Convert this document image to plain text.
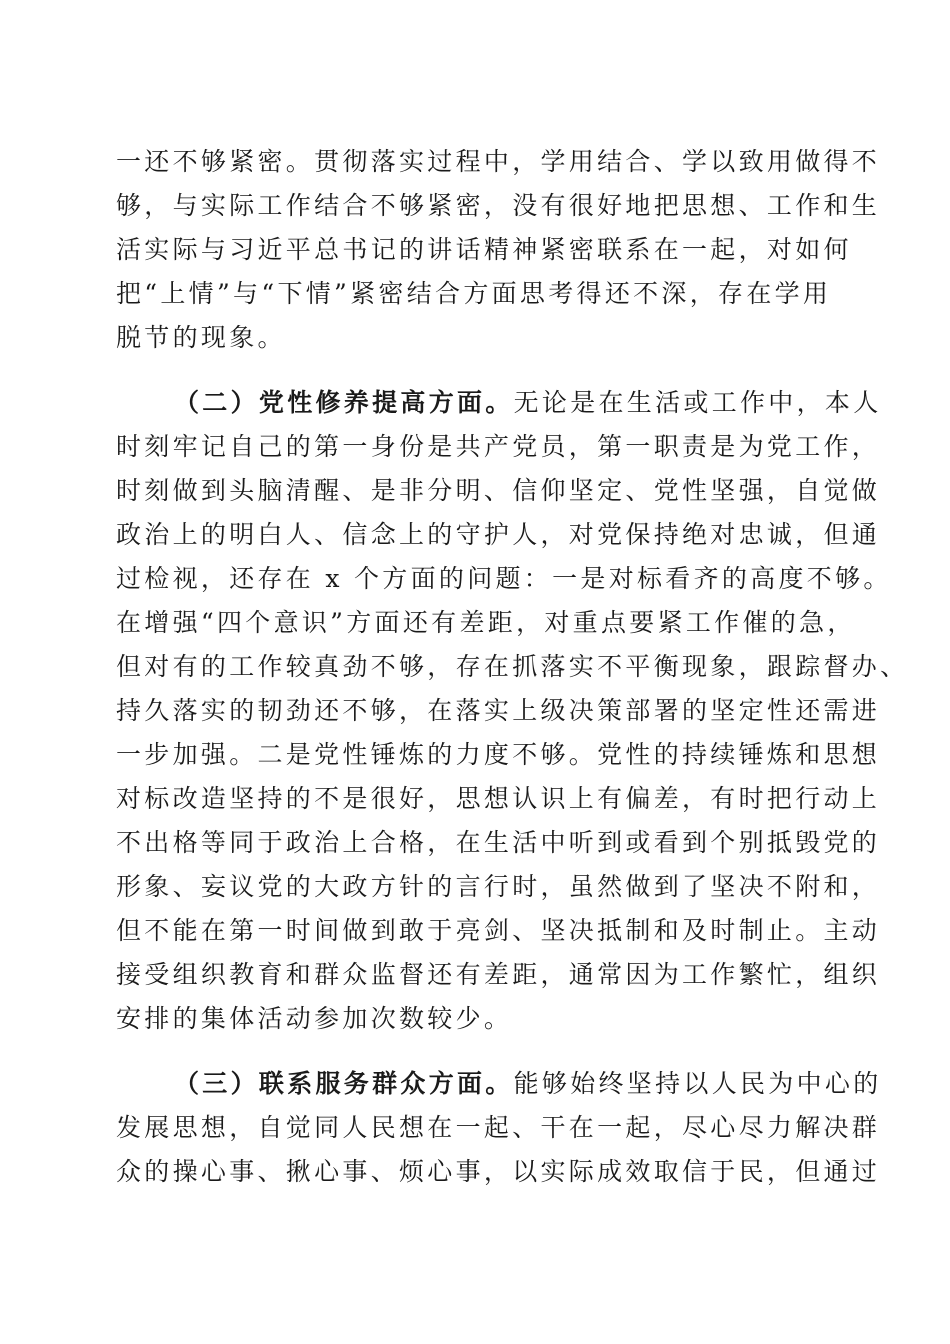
一还不够紧密。贯彻落实过程中，学用结合、学以致用做得不
够，与实际工作结合不够紧密，没有很好地把思想、工作和生
活实际与习近平总书记的讲话精神紧密联系在一起，对如何
把“上情”与“下情”紧密结合方面思考得还不深，存在学用
脱节的现象。
（二）党性修养提高方面。无论是在生活或工作中，本人
时刻牢记自己的第一身份是共产党员，第一职责是为党工作，
时刻做到头脑清醒、是非分明、信仰坚定、党性坚强，自觉做
政治上的明白人、信念上的守护人，对党保持绝对忠诚，但通
过检视，还存在 x 个方面的问题：一是对标看齐的高度不够。
在增强“四个意识”方面还有差距，对重点要紧工作催的急，
但对有的工作较真劲不够，存在抓落实不平衡现象，跟踪督办、
持久落实的韧劲还不够，在落实上级决策部署的坚定性还需进
一步加强。二是党性锤炼的力度不够。党性的持续锤炼和思想
对标改造坚持的不是很好，思想认识上有偏差，有时把行动上
不出格等同于政治上合格，在生活中听到或看到个别抵毁党的
形象、妄议党的大政方针的言行时，虽然做到了坚决不附和，
但不能在第一时间做到敢于亮剑、坚决抵制和及时制止。主动
接受组织教育和群众监督还有差距，通常因为工作繁忙，组织
安排的集体活动参加次数较少。
（三）联系服务群众方面。能够始终坚持以人民为中心的
发展思想，自觉同人民想在一起、干在一起，尽心尽力解决群
众的操心事、揪心事、烦心事，以实际成效取信于民，但通过
